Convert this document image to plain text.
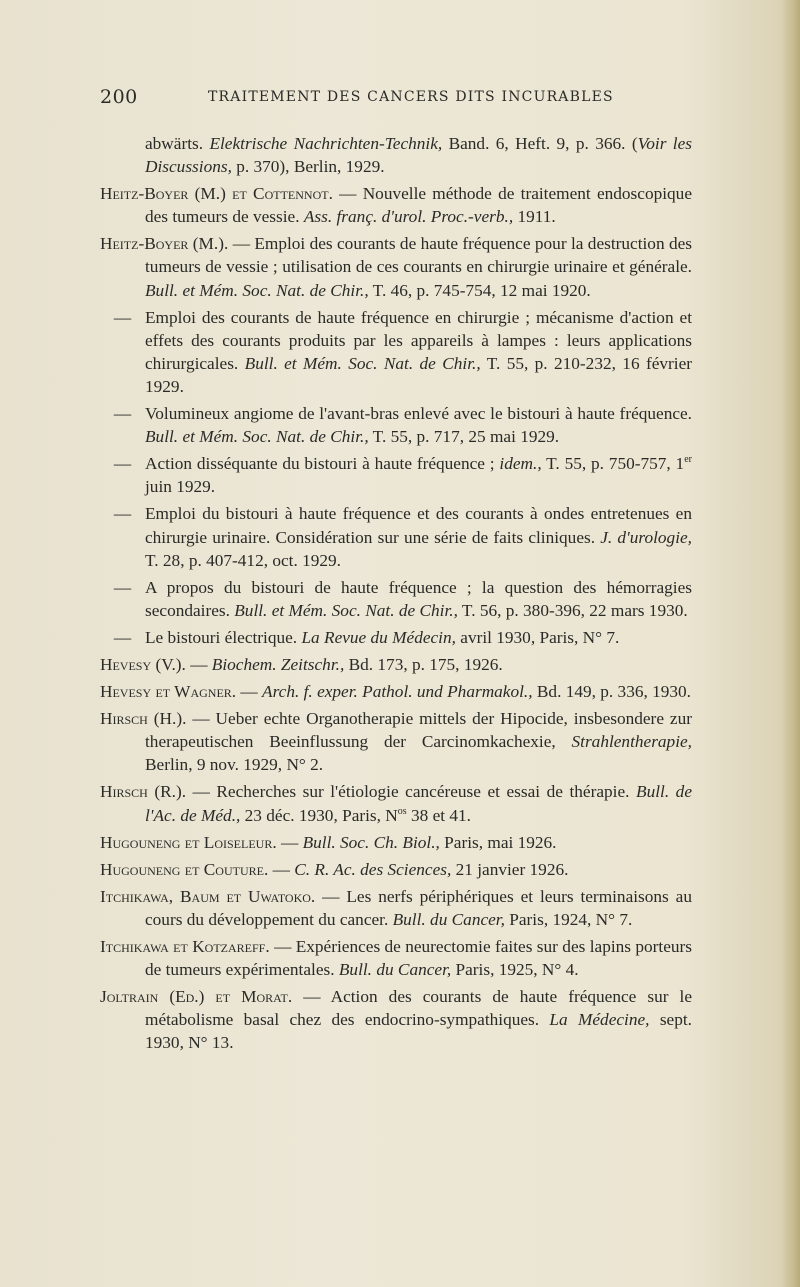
200	TRAITEMENT DES CANCERS DITS INCURABLES

abwärts. Elektrische Nachrichten-Technik, Band. 6, Heft. 9, p. 366. (Voir les Discussions, p. 370), Berlin, 1929.

Heitz-Boyer (M.) et Cottennot. — Nouvelle méthode de traitement endoscopique des tumeurs de vessie. Ass. franç. d'urol. Proc.-verb., 1911.

Heitz-Boyer (M.). — Emploi des courants de haute fréquence pour la destruction des tumeurs de vessie ; utilisation de ces courants en chirurgie urinaire et générale. Bull. et Mém. Soc. Nat. de Chir., T. 46, p. 745-754, 12 mai 1920.

— Emploi des courants de haute fréquence en chirurgie ; mécanisme d'action et effets des courants produits par les appareils à lampes : leurs applications chirurgicales. Bull. et Mém. Soc. Nat. de Chir., T. 55, p. 210-232, 16 février 1929.

— Volumineux angiome de l'avant-bras enlevé avec le bistouri à haute fréquence. Bull. et Mém. Soc. Nat. de Chir., T. 55, p. 717, 25 mai 1929.

— Action disséquante du bistouri à haute fréquence ; idem., T. 55, p. 750-757, 1er juin 1929.

— Emploi du bistouri à haute fréquence et des courants à ondes entretenues en chirurgie urinaire. Considération sur une série de faits cliniques. J. d'urologie, T. 28, p. 407-412, oct. 1929.

— A propos du bistouri de haute fréquence ; la question des hémorragies secondaires. Bull. et Mém. Soc. Nat. de Chir., T. 56, p. 380-396, 22 mars 1930.

— Le bistouri électrique. La Revue du Médecin, avril 1930, Paris, N° 7.

Hevesy (V.). — Biochem. Zeitschr., Bd. 173, p. 175, 1926.

Hevesy et Wagner. — Arch. f. exper. Pathol. und Pharmakol., Bd. 149, p. 336, 1930.

Hirsch (H.). — Ueber echte Organotherapie mittels der Hipocide, insbesondere zur therapeutischen Beeinflussung der Carcinomkachexie, Strahlentherapie, Berlin, 9 nov. 1929, N° 2.

Hirsch (R.). — Recherches sur l'étiologie cancéreuse et essai de thérapie. Bull. de l'Ac. de Méd., 23 déc. 1930, Paris, $N^{os}$ 38 et 41.

Hugouneng et Loiseleur. — Bull. Soc. Ch. Biol., Paris, mai 1926.

Hugouneng et Couture. — C. R. Ac. des Sciences, 21 janvier 1926.

Itchikawa, Baum et Uwatoko. — Les nerfs périphériques et leurs terminaisons au cours du développement du cancer. Bull. du Cancer, Paris, 1924, N° 7.

Itchikawa et Kotzareff. — Expériences de neurectomie faites sur des lapins porteurs de tumeurs expérimentales. Bull. du Cancer, Paris, 1925, N° 4.

Joltrain (Ed.) et Morat. — Action des courants de haute fréquence sur le métabolisme basal chez des endocrino-sympathiques. La Médecine, sept. 1930, N° 13.
